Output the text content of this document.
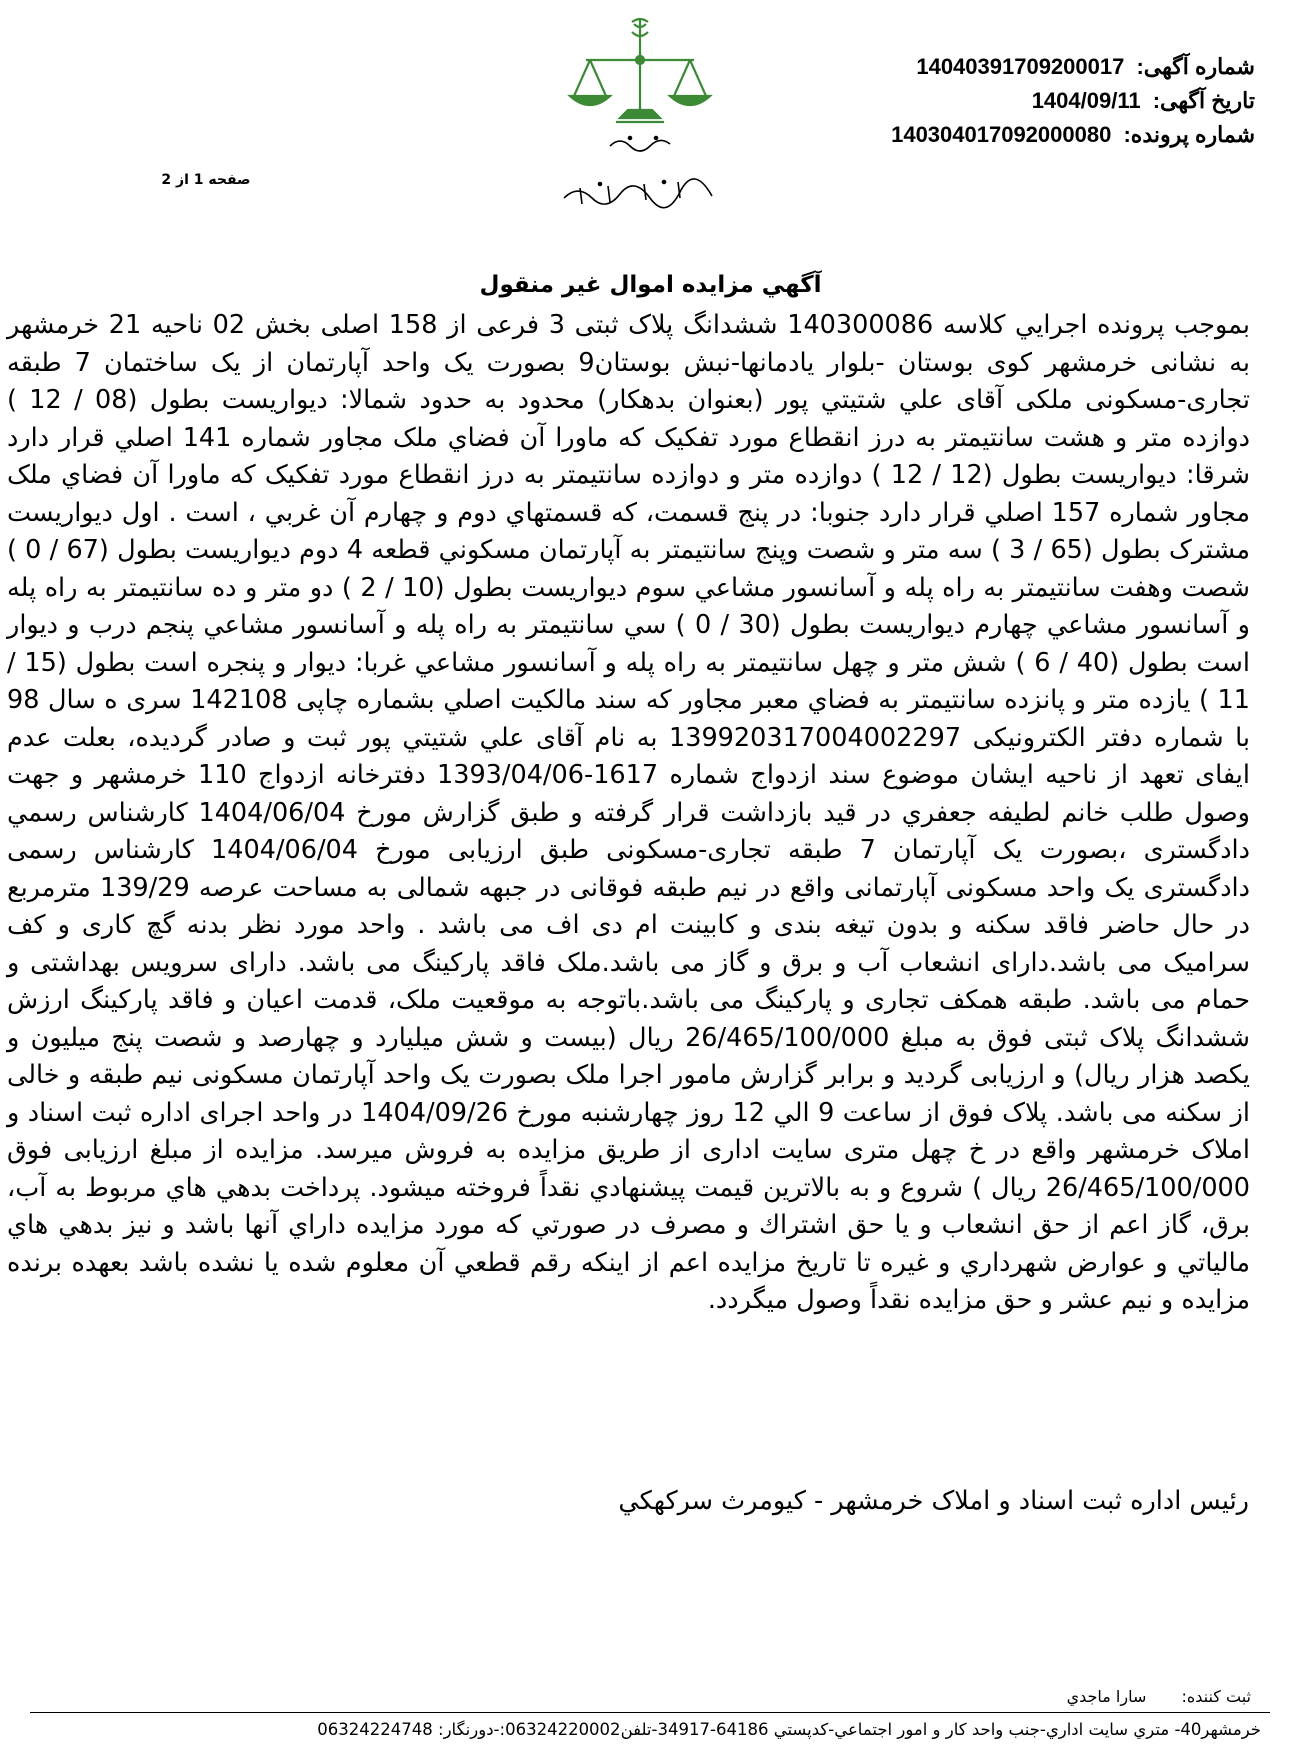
شماره آگهی: 14040391709200017
تاریخ آگهی: 1404/09/11
شماره پرونده: 140304017092000080
صفحه 1 از 2
آگهي مزايده اموال غير منقول
بموجب پرونده اجرايي كلاسه 140300086 ششدانگ پلاک ثبتی 3 فرعی از 158 اصلی بخش 02 ناحيه 21 خرمشهر به نشانی خرمشهر كوی بوستان -بلوار يادمانها-نبش بوستان9 بصورت یک واحد آپارتمان از يک ساختمان 7 طبقه تجاری-مسكونی ملكی آقای علي شتيتي پور (بعنوان بدهكار) محدود به حدود شمالا: ديواريست بطول (08 / 12 ) دوازده متر و هشت سانتيمتر به درز انقطاع مورد تفكيک كه ماورا آن فضاي ملک مجاور شماره 141 اصلي قرار دارد شرقا: ديواريست بطول (12 / 12 ) دوازده متر و دوازده سانتيمتر به درز انقطاع مورد تفكيک كه ماورا آن فضاي ملک مجاور شماره 157 اصلي قرار دارد جنوبا: در پنج قسمت، كه قسمتهاي دوم و چهارم آن غربي ، است . اول ديواريست مشترک بطول (65 / 3 ) سه متر و شصت وپنج سانتيمتر به آپارتمان مسكوني قطعه 4 دوم ديواريست بطول (67 / 0 ) شصت وهفت سانتيمتر به راه پله و آسانسور مشاعي سوم ديواريست بطول (10 / 2 ) دو متر و ده سانتيمتر به راه پله و آسانسور مشاعي چهارم ديواريست بطول (30 / 0 ) سي سانتيمتر به راه پله و آسانسور مشاعي پنجم درب و ديوار است بطول (40 / 6 ) شش متر و چهل سانتيمتر به راه پله و آسانسور مشاعي غربا: ديوار و پنجره است بطول (15 / 11 ) يازده متر و پانزده سانتيمتر به فضاي معبر مجاور كه سند مالكيت اصلي بشماره چاپی 142108 سری ه سال 98 با شماره دفتر الكترونيكی 139920317004002297 به نام آقای علي شتيتي پور ثبت و صادر گرديده، بعلت عدم ايفای تعهد از ناحيه ايشان موضوع سند ازدواج شماره 1617-1393/04/06 دفترخانه ازدواج 110 خرمشهر و جهت وصول طلب خانم لطيفه جعفري در قيد بازداشت قرار گرفته و طبق گزارش مورخ 1404/06/04 كارشناس رسمي دادگستری ،بصورت یک آپارتمان 7 طبقه تجاری-مسکونی طبق ارزيابی مورخ 1404/06/04 كارشناس رسمی دادگستری یک واحد مسکونی آپارتمانی واقع در نیم طبقه فوقانی در جبهه شمالی به مساحت عرصه 139/29 مترمربع در حال حاضر فاقد سکنه و بدون تیغه بندی و کابینت ام دی اف می باشد . واحد مورد نظر بدنه گچ کاری و کف سرامیک می باشد.دارای انشعاب آب و برق و گاز می باشد.ملک فاقد پارکینگ می باشد. دارای سرویس بهداشتی و حمام می باشد. طبقه همکف تجاری و پارکینگ می باشد.باتوجه به موقعیت ملک، قدمت اعیان و فاقد پارکینگ ارزش ششدانگ پلاک ثبتی فوق به مبلغ 26/465/100/000 ریال (بیست و شش میلیارد و چهارصد و شصت پنج میلیون و یکصد هزار ریال) و ارزیابی گردید و برابر گزارش مامور اجرا ملک بصورت یک واحد آپارتمان مسکونی نیم طبقه و خالی از سکنه می باشد. پلاک فوق از ساعت 9 الي 12 روز چهارشنبه مورخ 1404/09/26 در واحد اجرای اداره ثبت اسناد و املاک خرمشهر واقع در خ چهل متری سایت اداری از طريق مزايده به فروش ميرسد. مزايده از مبلغ ارزيابی فوق 26/465/100/000 ريال ) شروع و به بالاترين قيمت پيشنهادي نقداً فروخته ميشود. پرداخت بدهي هاي مربوط به آب، برق، گاز اعم از حق انشعاب و يا حق اشتراك و مصرف در صورتي كه مورد مزايده داراي آنها باشد و نيز بدهي هاي مالياتي و عوارض شهرداري و غيره تا تاريخ مزايده اعم از اينكه رقم قطعي آن معلوم شده يا نشده باشد بعهده برنده مزايده و نيم عشر و حق مزايده نقداً وصول ميگردد.
رئيس اداره ثبت اسناد و املاک خرمشهر - کیومرث سرکهکي
ثبت کننده: سارا ماجدي
خرمشهر40- متري سايت اداري-جنب واحد كار و امور اجتماعي-كدپستي 64186-34917-تلفن06324220002:-دورنگار: 06324224748
